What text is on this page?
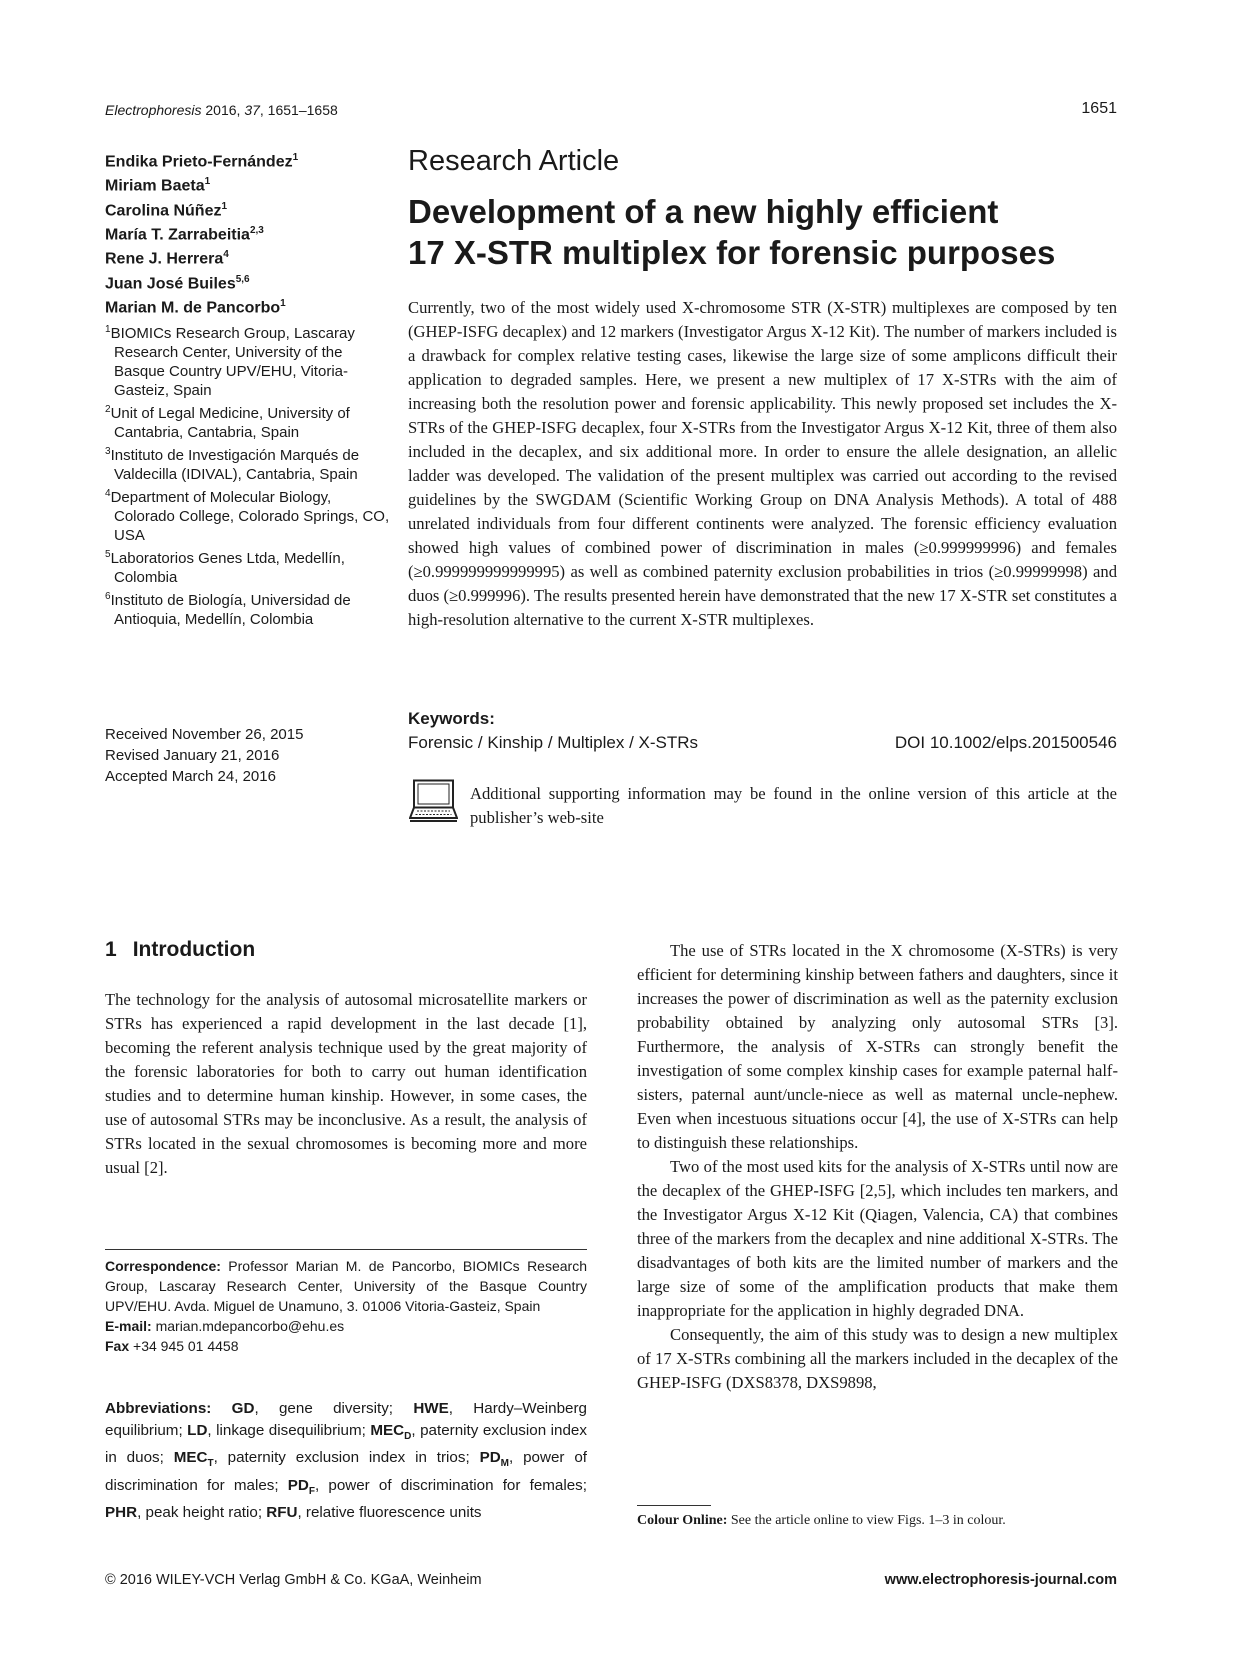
Electrophoresis 2016, 37, 1651–1658	1651
Endika Prieto-Fernández$^1$
Miriam Baeta$^1$
Carolina Núñez$^1$
María T. Zarrabeitia$^{2,3}$
Rene J. Herrera$^4$
Juan José Builes$^{5,6}$
Marian M. de Pancorbo$^1$
$^1$BIOMICs Research Group, Lascaray Research Center, University of the Basque Country UPV/EHU, Vitoria-Gasteiz, Spain
$^2$Unit of Legal Medicine, University of Cantabria, Cantabria, Spain
$^3$Instituto de Investigación Marqués de Valdecilla (IDIVAL), Cantabria, Spain
$^4$Department of Molecular Biology, Colorado College, Colorado Springs, CO, USA
$^5$Laboratorios Genes Ltda, Medellín, Colombia
$^6$Instituto de Biología, Universidad de Antioquia, Medellín, Colombia
Received November 26, 2015
Revised January 21, 2016
Accepted March 24, 2016
Research Article
Development of a new highly efficient
17 X-STR multiplex for forensic purposes

Currently, two of the most widely used X-chromosome STR (X-STR) multiplexes are composed by ten (GHEP-ISFG decaplex) and 12 markers (Investigator Argus X-12 Kit). The number of markers included is a drawback for complex relative testing cases, likewise the large size of some amplicons difficult their application to degraded samples. Here, we present a new multiplex of 17 X-STRs with the aim of increasing both the resolution power and forensic applicability. This newly proposed set includes the X-STRs of the GHEP-ISFG decaplex, four X-STRs from the Investigator Argus X-12 Kit, three of them also included in the decaplex, and six additional more. In order to ensure the allele designation, an allelic ladder was developed. The validation of the present multiplex was carried out according to the revised guidelines by the SWGDAM (Scientific Working Group on DNA Analysis Methods). A total of 488 unrelated individuals from four different continents were analyzed. The forensic efficiency evaluation showed high values of combined power of discrimination in males (≥0.999999996) and females (≥0.999999999999995) as well as combined paternity exclusion probabilities in trios (≥0.99999998) and duos (≥0.999996). The results presented herein have demonstrated that the new 17 X-STR set constitutes a high-resolution alternative to the current X-STR multiplexes.

Keywords:
Forensic / Kinship / Multiplex / X-STRs	DOI 10.1002/elps.201500546

Additional supporting information may be found in the online version of this article at the publisher’s web-site

1 Introduction

The technology for the analysis of autosomal microsatellite markers or STRs has experienced a rapid development in the last decade [1], becoming the referent analysis technique used by the great majority of the forensic laboratories for both to carry out human identification studies and to determine human kinship. However, in some cases, the use of autosomal STRs may be inconclusive. As a result, the analysis of STRs located in the sexual chromosomes is becoming more and more usual [2].

The use of STRs located in the X chromosome (X-STRs) is very efficient for determining kinship between fathers and daughters, since it increases the power of discrimination as well as the paternity exclusion probability obtained by analyzing only autosomal STRs [3]. Furthermore, the analysis of X-STRs can strongly benefit the investigation of some complex kinship cases for example paternal half-sisters, paternal aunt/uncle-niece as well as maternal uncle-nephew. Even when incestuous situations occur [4], the use of X-STRs can help to distinguish these relationships.

Two of the most used kits for the analysis of X-STRs until now are the decaplex of the GHEP-ISFG [2,5], which includes ten markers, and the Investigator Argus X-12 Kit (Qiagen, Valencia, CA) that combines three of the markers from the decaplex and nine additional X-STRs. The disadvantages of both kits are the limited number of markers and the large size of some of the amplification products that make them inappropriate for the application in highly degraded DNA.

Consequently, the aim of this study was to design a new multiplex of 17 X-STRs combining all the markers included in the decaplex of the GHEP-ISFG (DXS8378, DXS9898,

Correspondence: Professor Marian M. de Pancorbo, BIOMICs Research Group, Lascaray Research Center, University of the Basque Country UPV/EHU. Avda. Miguel de Unamuno, 3. 01006 Vitoria-Gasteiz, Spain
E-mail: marian.mdepancorbo@ehu.es
Fax +34 945 01 4458
Abbreviations: GD, gene diversity; HWE, Hardy–Weinberg equilibrium; LD, linkage disequilibrium; $MEC_D$, paternity exclusion index in duos; $MEC_T$, paternity exclusion index in trios; $PD_M$, power of discrimination for males; $PD_F$, power of discrimination for females; PHR, peak height ratio; RFU, relative fluorescence units	Colour Online: See the article online to view Figs. 1–3 in colour.
© 2016 WILEY-VCH Verlag GmbH & Co. KGaA, Weinheim	www.electrophoresis-journal.com
